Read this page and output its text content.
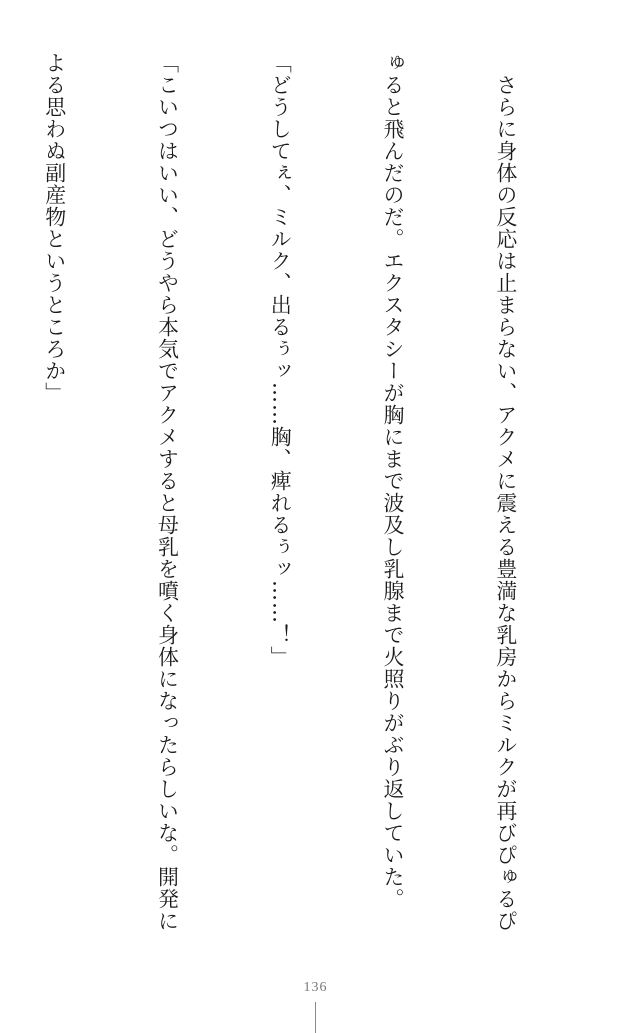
　さらに身体の反応は止まらない、アクメに震える豊満な乳房からミルクが再びぴゅるぴ

ゅると飛んだのだ。エクスタシーが胸にまで波及し乳腺まで火照りがぶり返していた。

「どうしてぇ、ミルク、出るぅッ……胸、痺れるぅッ……！」

「こいつはいい、どうやら本気でアクメすると母乳を噴く身体になったらしいな。開発に

よる思わぬ副産物というところか」

136
